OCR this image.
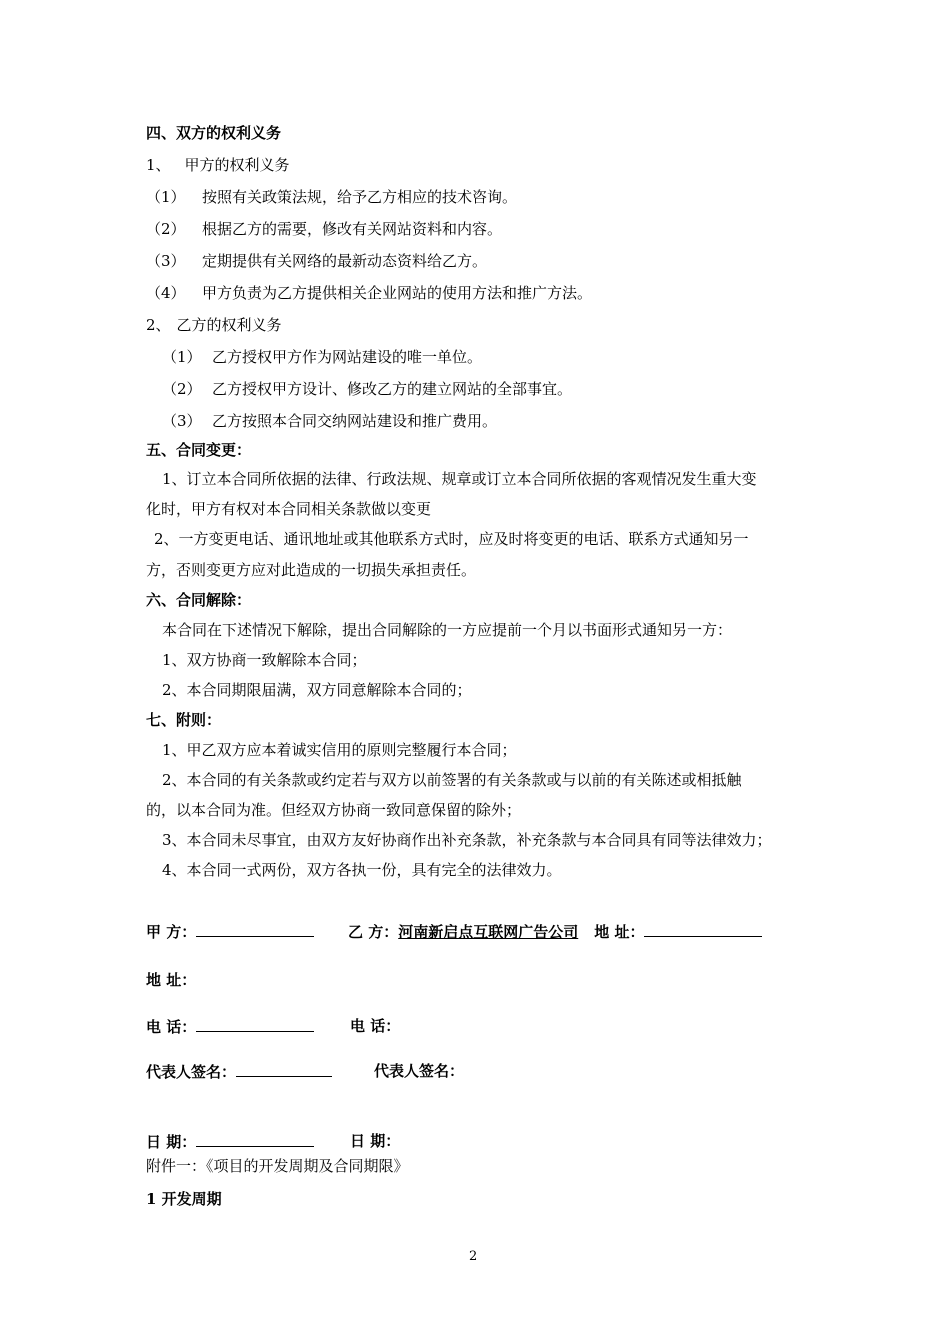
四、双方的权利义务
1、 甲方的权利义务
（1） 按照有关政策法规，给予乙方相应的技术咨询。
（2） 根据乙方的需要，修改有关网站资料和内容。
（3） 定期提供有关网络的最新动态资料给乙方。
（4） 甲方负责为乙方提供相关企业网站的使用方法和推广方法。
2、 乙方的权利义务
（1） 乙方授权甲方作为网站建设的唯一单位。
（2） 乙方授权甲方设计、修改乙方的建立网站的全部事宜。
（3） 乙方按照本合同交纳网站建设和推广费用。
五、合同变更：
1、订立本合同所依据的法律、行政法规、规章或订立本合同所依据的客观情况发生重大变
化时，甲方有权对本合同相关条款做以变更
2、一方变更电话、通讯地址或其他联系方式时，应及时将变更的电话、联系方式通知另一
方，否则变更方应对此造成的一切损失承担责任。
六、合同解除：
本合同在下述情况下解除，提出合同解除的一方应提前一个月以书面形式通知另一方：
1、双方协商一致解除本合同；
2、本合同期限届满，双方同意解除本合同的；
七、附则：
1、甲乙双方应本着诚实信用的原则完整履行本合同；
2、本合同的有关条款或约定若与双方以前签署的有关条款或与以前的有关陈述或相抵触
的，以本合同为准。但经双方协商一致同意保留的除外；
3、本合同未尽事宜，由双方友好协商作出补充条款，补充条款与本合同具有同等法律效力；
4、本合同一式两份，双方各执一份，具有完全的法律效力。
甲 方：	乙 方：河南新启点互联网广告公司 地 址：
地 址：
电 话：	电 话：
代表人签名：	代表人签名：
日 期：	日 期：
附件一：《项目的开发周期及合同期限》
1 开发周期
2
